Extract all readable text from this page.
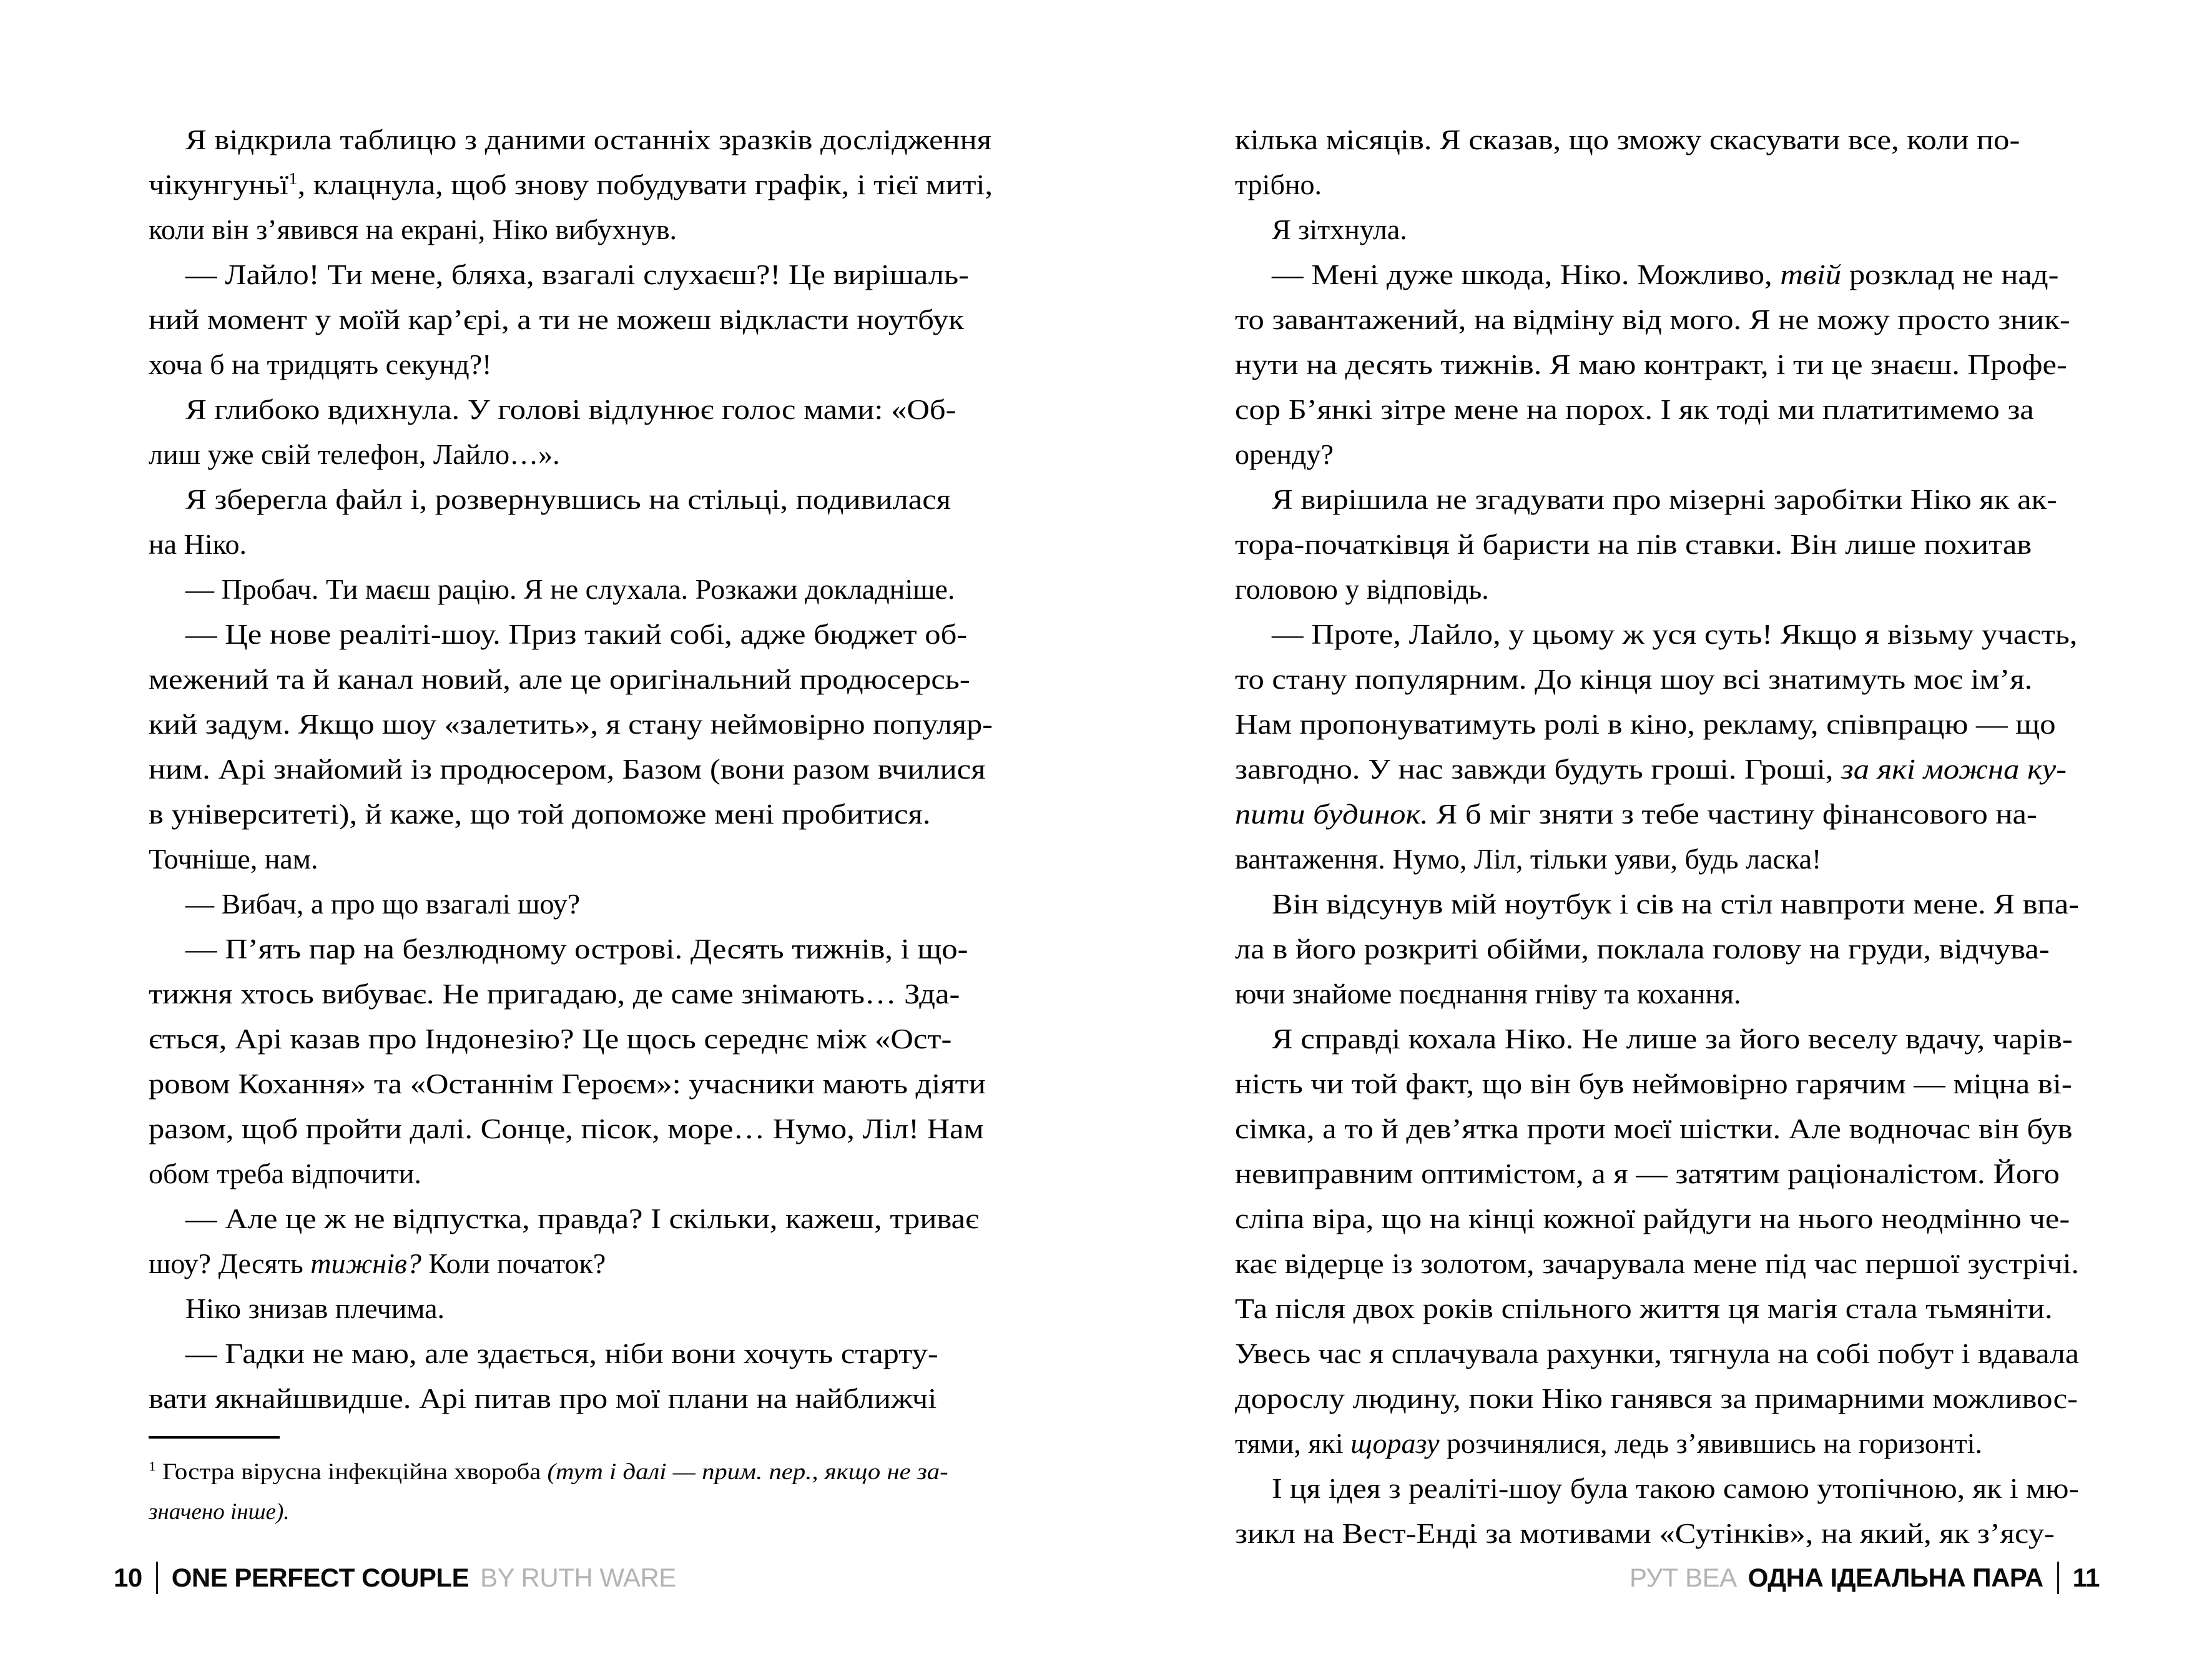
Я відкрила таблицю з даними останніх зразків дослідження
чікунгуньї$^1$, клацнула, щоб знову побудувати графік, і тієї миті,
коли він з’явився на екрані, Ніко вибухнув.
— Лайло! Ти мене, бляха, взагалі слухаєш?! Це вирішаль-
ний момент у моїй кар’єрі, а ти не можеш відкласти ноутбук
хоча б на тридцять секунд?!
Я глибоко вдихнула. У голові відлунює голос мами: «Об-
лиш уже свій телефон, Лайло…».
Я зберегла файл і, розвернувшись на стільці, подивилася
на Ніко.
— Пробач. Ти маєш рацію. Я не слухала. Розкажи докладніше.
— Це нове реаліті-шоу. Приз такий собі, адже бюджет об-
межений та й канал новий, але це оригінальний продюсерсь-
кий задум. Якщо шоу «залетить», я стану неймовірно популяр-
ним. Арі знайомий із продюсером, Базом (вони разом вчилися
в університеті), й каже, що той допоможе мені пробитися.
Точніше, нам.
— Вибач, а про що взагалі шоу?
— П’ять пар на безлюдному острові. Десять тижнів, і що-
тижня хтось вибуває. Не пригадаю, де саме знімають… Зда-
ється, Арі казав про Індонезію? Це щось середнє між «Ост-
ровом Кохання» та «Останнім Героєм»: учасники мають діяти
разом, щоб пройти далі. Сонце, пісок, море… Нумо, Ліл! Нам
обом треба відпочити.
— Але це ж не відпустка, правда? І скільки, кажеш, триває
шоу? Десять тижнів? Коли початок?
Ніко знизав плечима.
— Гадки не маю, але здається, ніби вони хочуть старту-
вати якнайшвидше. Арі питав про мої плани на найближчі
$^1$ Гостра вірусна інфекційна хвороба (тут і далі — прим. пер., якщо не за-
значено інше).
10 ONE PERFECT COUPLE BY RUTH WARE
кілька місяців. Я сказав, що зможу скасувати все, коли по-
трібно.
Я зітхнула.
— Мені дуже шкода, Ніко. Можливо, твій розклад не над-
то завантажений, на відміну від мого. Я не можу просто зник-
нути на десять тижнів. Я маю контракт, і ти це знаєш. Профе-
сор Б’янкі зітре мене на порох. І як тоді ми платитимемо за
оренду?
Я вирішила не згадувати про мізерні заробітки Ніко як ак-
тора-початківця й баристи на пів ставки. Він лише похитав
головою у відповідь.
— Проте, Лайло, у цьому ж уся суть! Якщо я візьму участь,
то стану популярним. До кінця шоу всі знатимуть моє ім’я.
Нам пропонуватимуть ролі в кіно, рекламу, співпрацю — що
завгодно. У нас завжди будуть гроші. Гроші, за які можна ку-
пити будинок. Я б міг зняти з тебе частину фінансового на-
вантаження. Нумо, Ліл, тільки уяви, будь ласка!
Він відсунув мій ноутбук і сів на стіл навпроти мене. Я впа-
ла в його розкриті обійми, поклала голову на груди, відчува-
ючи знайоме поєднання гніву та кохання.
Я справді кохала Ніко. Не лише за його веселу вдачу, чарів-
ність чи той факт, що він був неймовірно гарячим — міцна ві-
сімка, а то й дев’ятка проти моєї шістки. Але водночас він був
невиправним оптимістом, а я — затятим раціоналістом. Його
сліпа віра, що на кінці кожної райдуги на нього неодмінно че-
кає відерце із золотом, зачарувала мене під час першої зустрічі.
Та після двох років спільного життя ця магія стала тьмяніти.
Увесь час я сплачувала рахунки, тягнула на собі побут і вдавала
дорослу людину, поки Ніко ганявся за примарними можливос-
тями, які щоразу розчинялися, ледь з’явившись на горизонті.
І ця ідея з реаліті-шоу була такою самою утопічною, як і мю-
зикл на Вест-Енді за мотивами «Сутінків», на який, як з’ясу-
РУТ ВЕА ОДНА ІДЕАЛЬНА ПАРА 11
